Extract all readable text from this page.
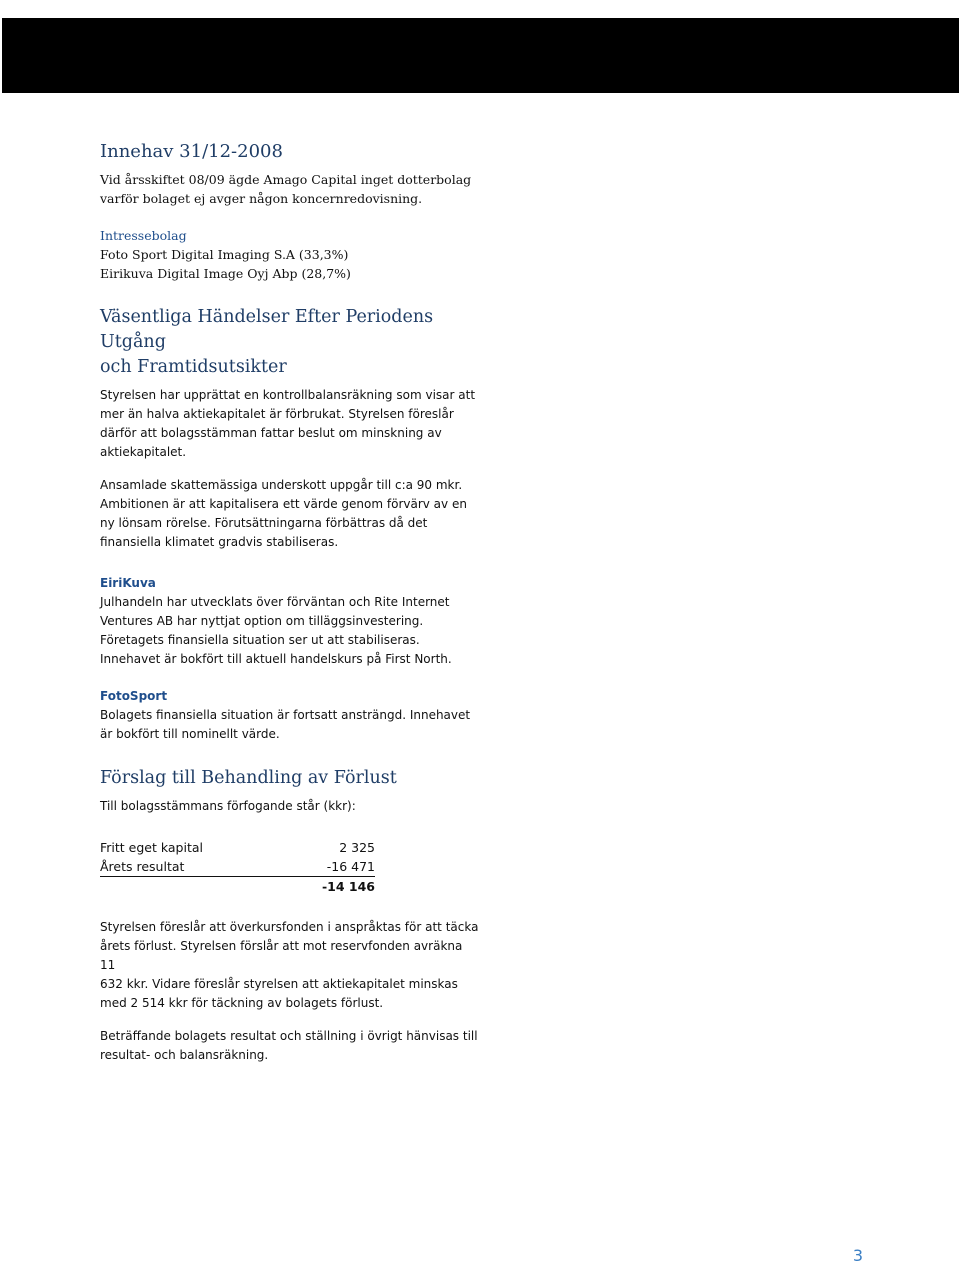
Innehav 31/12-2008

Vid årsskiftet 08/09 ägde Amago Capital inget dotterbolag

varför bolaget ej avger någon koncernredovisning.

Intressebolag

Foto Sport Digital Imaging S.A (33,3%)

Eirikuva Digital Image Oyj Abp (28,7%)

Väsentliga Händelser Efter Periodens Utgång
och Framtidsutsikter

Styrelsen har upprättat en kontrollbalansräkning som visar att

mer än halva aktiekapitalet är förbrukat. Styrelsen föreslår

därför att bolagsstämman fattar beslut om minskning av

aktiekapitalet.

Ansamlade skattemässiga underskott uppgår till c:a 90 mkr.

Ambitionen är att kapitalisera ett värde genom förvärv av en

ny lönsam rörelse. Förutsättningarna förbättras då det

finansiella klimatet gradvis stabiliseras.

EiriKuva

Julhandeln har utvecklats över förväntan och Rite Internet

Ventures AB har nyttjat option om tilläggsinvestering.

Företagets finansiella situation ser ut att stabiliseras.

Innehavet är bokfört till aktuell handelskurs på First North.

FotoSport

Bolagets finansiella situation är fortsatt ansträngd. Innehavet

är bokfört till nominellt värde.

Förslag till Behandling av Förlust

Till bolagsstämmans förfogande står (kkr):

Fritt eget kapital	2 325
Årets resultat	-16 471
	-14 146

Styrelsen föreslår att överkursfonden i anspråktas för att täcka

årets förlust. Styrelsen förslår att mot reservfonden avräkna 11

632 kkr. Vidare föreslår styrelsen att aktiekapitalet minskas

med 2 514 kkr för täckning av bolagets förlust.

Beträffande bolagets resultat och ställning i övrigt hänvisas till

resultat- och balansräkning.

3
